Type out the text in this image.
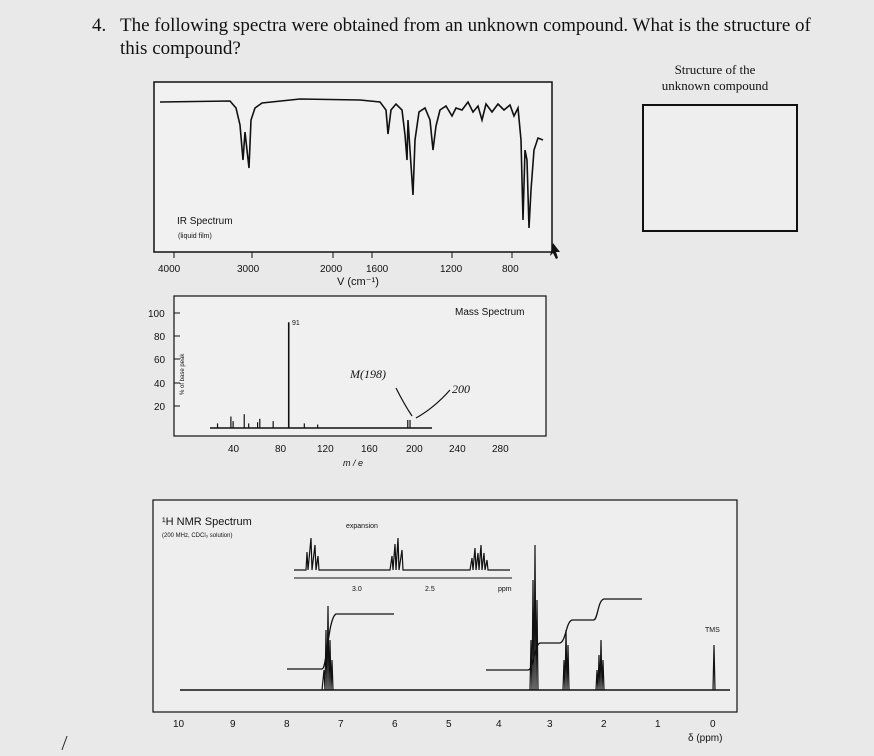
4. The following spectra were obtained from an unknown compound. What is the structure of
this compound?
Structure of the
unknown compound
IR Spectrum
(liquid film)
4000	3000	2000 1600	1200	800
V (cm⁻¹)
100
80
60
40
20
% of base peak
91
Mass Spectrum
M(198)
200
40	80	120	160	200	240	280
m / e
¹H NMR Spectrum
(200 MHz, CDCl₃ solution)
expansion
3.0	2.5	ppm
TMS
10	9	8	7	6	5	4	3	2	1	0
δ (ppm)
